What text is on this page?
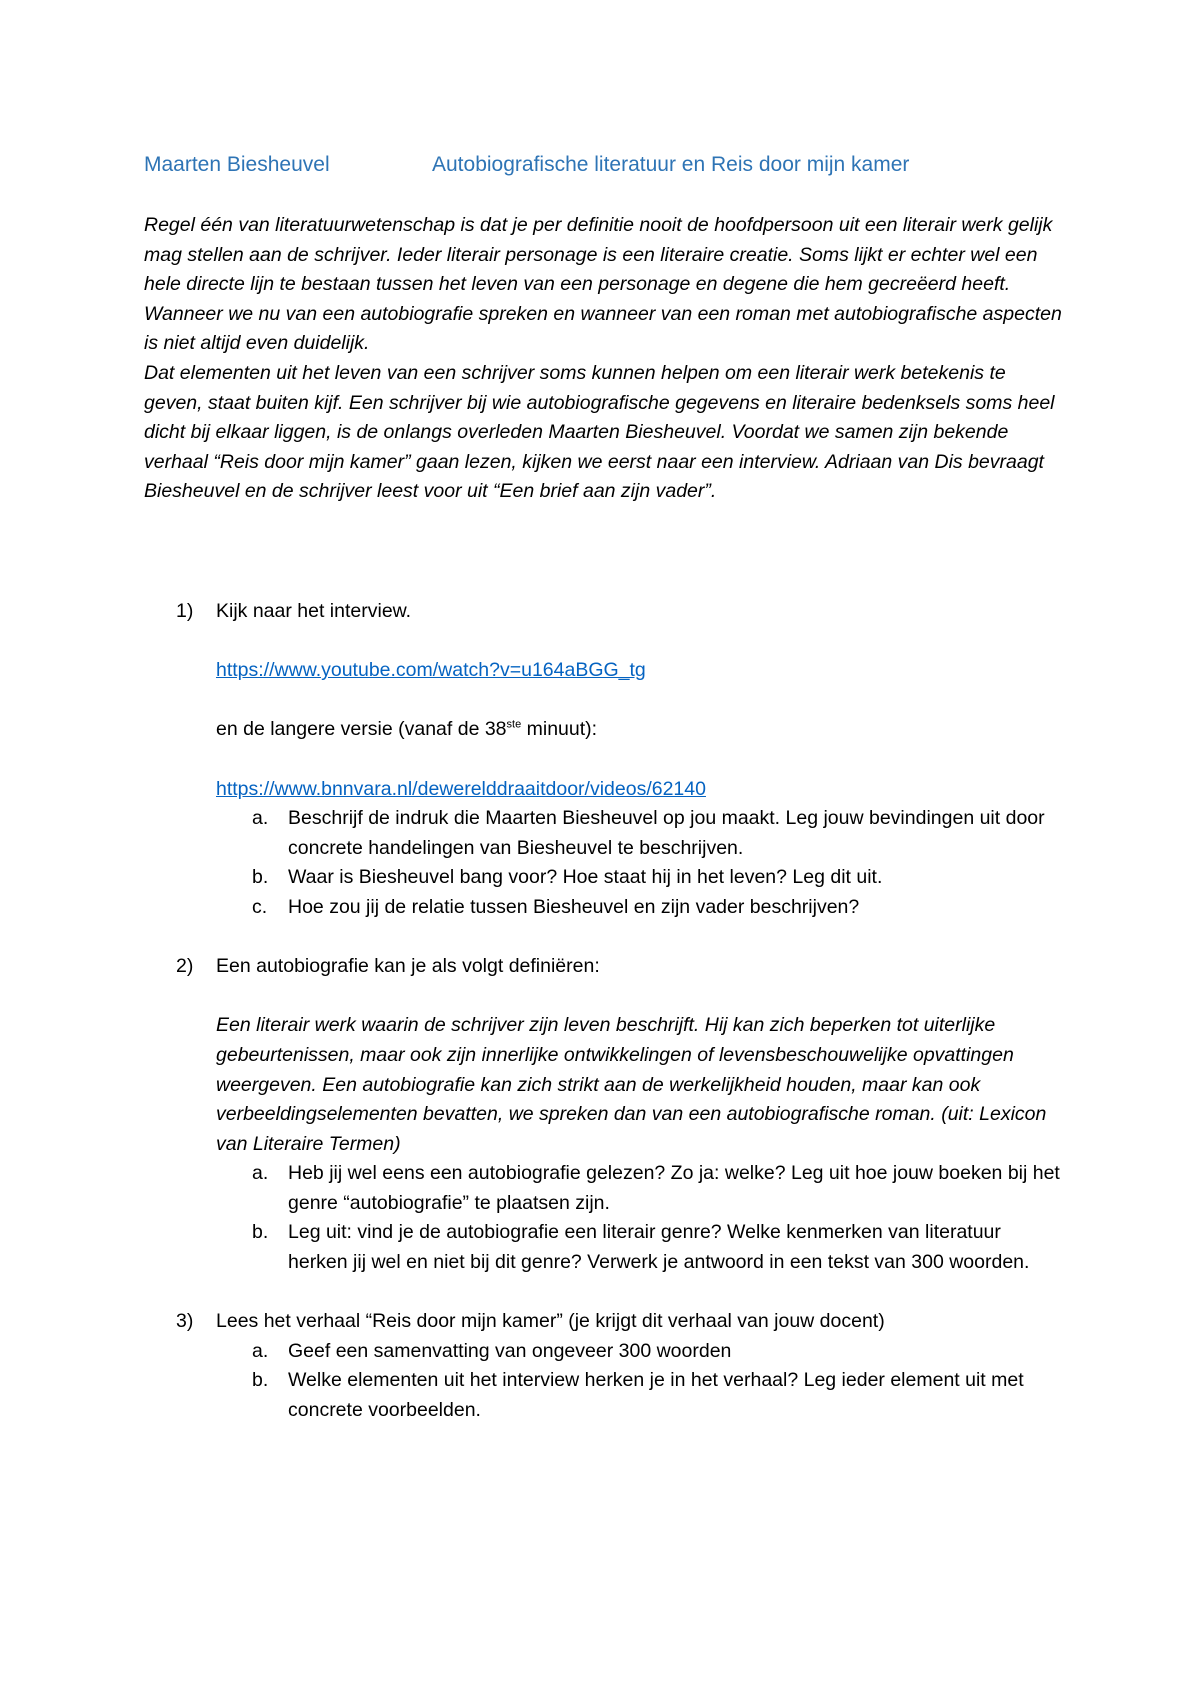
Maarten Biesheuvel	Autobiografische literatuur en Reis door mijn kamer

Regel één van literatuurwetenschap is dat je per definitie nooit de hoofdpersoon uit een literair werk gelijk mag stellen aan de schrijver. Ieder literair personage is een literaire creatie. Soms lijkt er echter wel een hele directe lijn te bestaan tussen het leven van een personage en degene die hem gecreëerd heeft. Wanneer we nu van een autobiografie spreken en wanneer van een roman met autobiografische aspecten is niet altijd even duidelijk.

Dat elementen uit het leven van een schrijver soms kunnen helpen om een literair werk betekenis te geven, staat buiten kijf. Een schrijver bij wie autobiografische gegevens en literaire bedenksels soms heel dicht bij elkaar liggen, is de onlangs overleden Maarten Biesheuvel. Voordat we samen zijn bekende verhaal “Reis door mijn kamer” gaan lezen, kijken we eerst naar een interview. Adriaan van Dis bevraagt Biesheuvel en de schrijver leest voor uit “Een brief aan zijn vader”.

1) Kijk naar het interview.
https://www.youtube.com/watch?v=u164aBGG_tg
en de langere versie (vanaf de 38ste minuut):
https://www.bnnvara.nl/dewerelddraaitdoor/videos/62140
a. Beschrijf de indruk die Maarten Biesheuvel op jou maakt. Leg jouw bevindingen uit door concrete handelingen van Biesheuvel te beschrijven.
b. Waar is Biesheuvel bang voor? Hoe staat hij in het leven? Leg dit uit.
c. Hoe zou jij de relatie tussen Biesheuvel en zijn vader beschrijven?
2) Een autobiografie kan je als volgt definiëren:
Een literair werk waarin de schrijver zijn leven beschrijft. Hij kan zich beperken tot uiterlijke gebeurtenissen, maar ook zijn innerlijke ontwikkelingen of levensbeschouwelijke opvattingen weergeven. Een autobiografie kan zich strikt aan de werkelijkheid houden, maar kan ook verbeeldingselementen bevatten, we spreken dan van een autobiografische roman. (uit: Lexicon van Literaire Termen)
a. Heb jij wel eens een autobiografie gelezen? Zo ja: welke? Leg uit hoe jouw boeken bij het genre “autobiografie” te plaatsen zijn.
b. Leg uit: vind je de autobiografie een literair genre? Welke kenmerken van literatuur herken jij wel en niet bij dit genre? Verwerk je antwoord in een tekst van 300 woorden.
3) Lees het verhaal “Reis door mijn kamer” (je krijgt dit verhaal van jouw docent)
a. Geef een samenvatting van ongeveer 300 woorden
b. Welke elementen uit het interview herken je in het verhaal? Leg ieder element uit met concrete voorbeelden.
